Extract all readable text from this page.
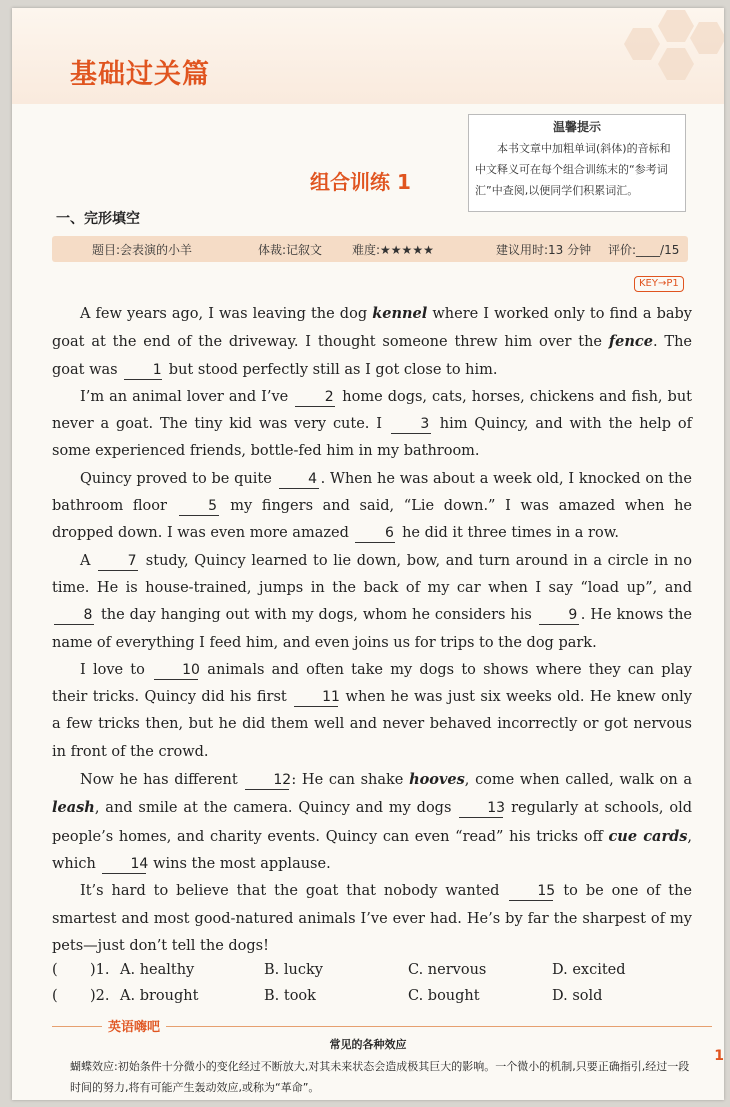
基础过关篇
温馨提示
本书文章中加粗单词(斜体)的音标和中文释义可在每个组合训练末的“参考词汇”中查阅,以便同学们积累词汇。
组合训练 1
一、完形填空
题目:会表演的小羊	体裁:记叙文 难度:★★★★★	建议用时:13 分钟 评价:____/15
KEY→P1

A few years ago, I was leaving the dog kennel where I worked only to find a baby goat at the end of the driveway. I thought someone threw him over the fence. The goat was 1 but stood perfectly still as I got close to him.

I’m an animal lover and I’ve 2 home dogs, cats, horses, chickens and fish, but never a goat. The tiny kid was very cute. I 3 him Quincy, and with the help of some experienced friends, bottle-fed him in my bathroom.

Quincy proved to be quite 4 . When he was about a week old, I knocked on the bathroom floor 5 my fingers and said, “Lie down.” I was amazed when he dropped down. I was even more amazed 6 he did it three times in a row.

A 7 study, Quincy learned to lie down, bow, and turn around in a circle in no time. He is house-trained, jumps in the back of my car when I say “load up”, and 8 the day hanging out with my dogs, whom he considers his 9 . He knows the name of everything I feed him, and even joins us for trips to the dog park.

I love to 10 animals and often take my dogs to shows where they can play their tricks. Quincy did his first 11 when he was just six weeks old. He knew only a few tricks then, but he did them well and never behaved incorrectly or got nervous in front of the crowd.

Now he has different 12: He can shake hooves, come when called, walk on a leash, and smile at the camera. Quincy and my dogs 13 regularly at schools, old people’s homes, and charity events. Quincy can even “read” his tricks off cue cards, which 14 wins the most applause.

It’s hard to believe that the goat that nobody wanted 15 to be one of the smartest and most good-natured animals I’ve ever had. He’s by far the sharpest of my pets—just don’t tell the dogs!

( )1. A. healthy	B. lucky	C. nervous	D. excited
( )2. A. brought	B. took	C. bought	D. sold
英语嗨吧
常见的各种效应
蝴蝶效应:初始条件十分微小的变化经过不断放大,对其未来状态会造成极其巨大的影响。一个微小的机制,只要正确指引,经过一段时间的努力,将有可能产生轰动效应,或称为“革命”。
1
